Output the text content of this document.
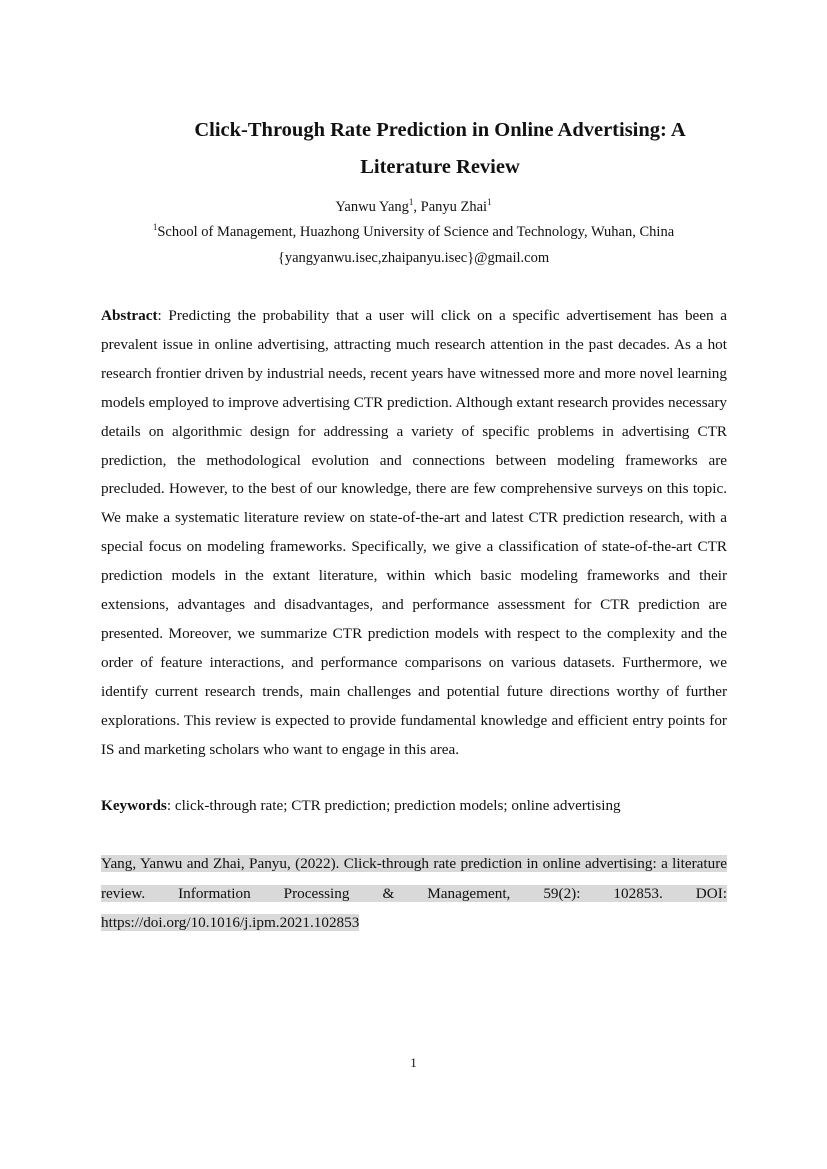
Click-Through Rate Prediction in Online Advertising: A Literature Review
Yanwu Yang$^1$, Panyu Zhai$^1$
$^1$School of Management, Huazhong University of Science and Technology, Wuhan, China
{yangyanwu.isec,zhaipanyu.isec}@gmail.com

Abstract: Predicting the probability that a user will click on a specific advertisement has been a prevalent issue in online advertising, attracting much research attention in the past decades. As a hot research frontier driven by industrial needs, recent years have witnessed more and more novel learning models employed to improve advertising CTR prediction. Although extant research provides necessary details on algorithmic design for addressing a variety of specific problems in advertising CTR prediction, the methodological evolution and connections between modeling frameworks are precluded. However, to the best of our knowledge, there are few comprehensive surveys on this topic. We make a systematic literature review on state-of-the-art and latest CTR prediction research, with a special focus on modeling frameworks. Specifically, we give a classification of state-of-the-art CTR prediction models in the extant literature, within which basic modeling frameworks and their extensions, advantages and disadvantages, and performance assessment for CTR prediction are presented. Moreover, we summarize CTR prediction models with respect to the complexity and the order of feature interactions, and performance comparisons on various datasets. Furthermore, we identify current research trends, main challenges and potential future directions worthy of further explorations. This review is expected to provide fundamental knowledge and efficient entry points for IS and marketing scholars who want to engage in this area.

Keywords: click-through rate; CTR prediction; prediction models; online advertising

Yang, Yanwu and Zhai, Panyu, (2022). Click-through rate prediction in online advertising: a literature review. Information Processing & Management, 59(2): 102853. DOI: https://doi.org/10.1016/j.ipm.2021.102853

1
